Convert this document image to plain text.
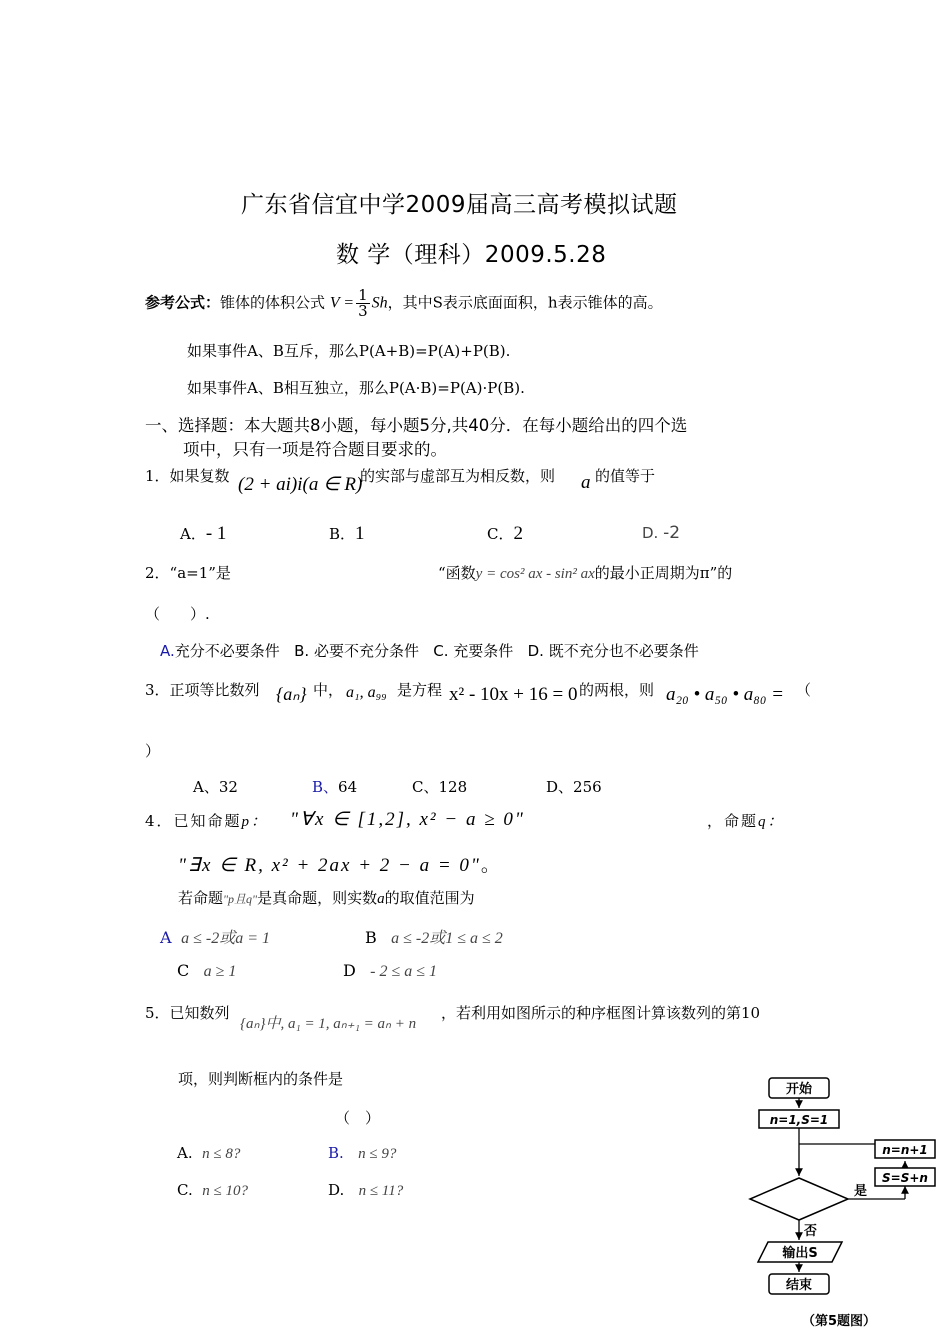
广东省信宜中学2009届高三高考模拟试题
数 学（理科）2009.5.28
参考公式：锥体的体积公式 $V = \frac{1}{3}$ Sh，其中S表示底面面积，h表示锥体的高。
如果事件A、B互斥，那么P(A+B)=P(A)+P(B).
如果事件A、B相互独立，那么P(A·B)=P(A)·P(B).
一、选择题：本大题共8小题，每小题5分,共40分．在每小题给出的四个选
项中，只有一项是符合题目要求的。
1．如果复数 (2 + ai)i(a ∈ R)
的实部与虚部互为相反数，则 a 的值等于
A．- 1	B．1	C．2	D. -2
2．“a=1”是	“函数y = cos² ax - sin² ax的最小正周期为π”的
（　　）.
A.充分不必要条件 B. 必要不充分条件 C. 充要条件 D. 既不充分也不必要条件
3．正项等比数列 {aₙ} 中， a₁, a₉₉ 是方程 x² - 10x + 16 = 0 的两根，则 a₂₀ • a₅₀ • a₈₀ = （
）
A、32	B、64	C、128	D、256
4．已知命题p： "∀x ∈ [1,2], x² − a ≥ 0"	，命题q：
"∃x ∈ R, x² + 2ax + 2 − a = 0"。
若命题"p且q"是真命题，则实数a的取值范围为
A a ≤ -2或a = 1	B a ≤ -2或1 ≤ a ≤ 2
C a ≥ 1	D - 2 ≤ a ≤ 1
5．已知数列
{aₙ}中, a₁ = 1, aₙ₊₁ = aₙ + n
，若利用如图所示的种序框图计算该数列的第10
项，则判断框内的条件是
（　）
A. n ≤ 8?	B. n ≤ 9?
C. n ≤ 10?	D. n ≤ 11?
开始
n=1,S=1
n=n+1
S=S+n
是
否
输出S
结束
（第5题图）
